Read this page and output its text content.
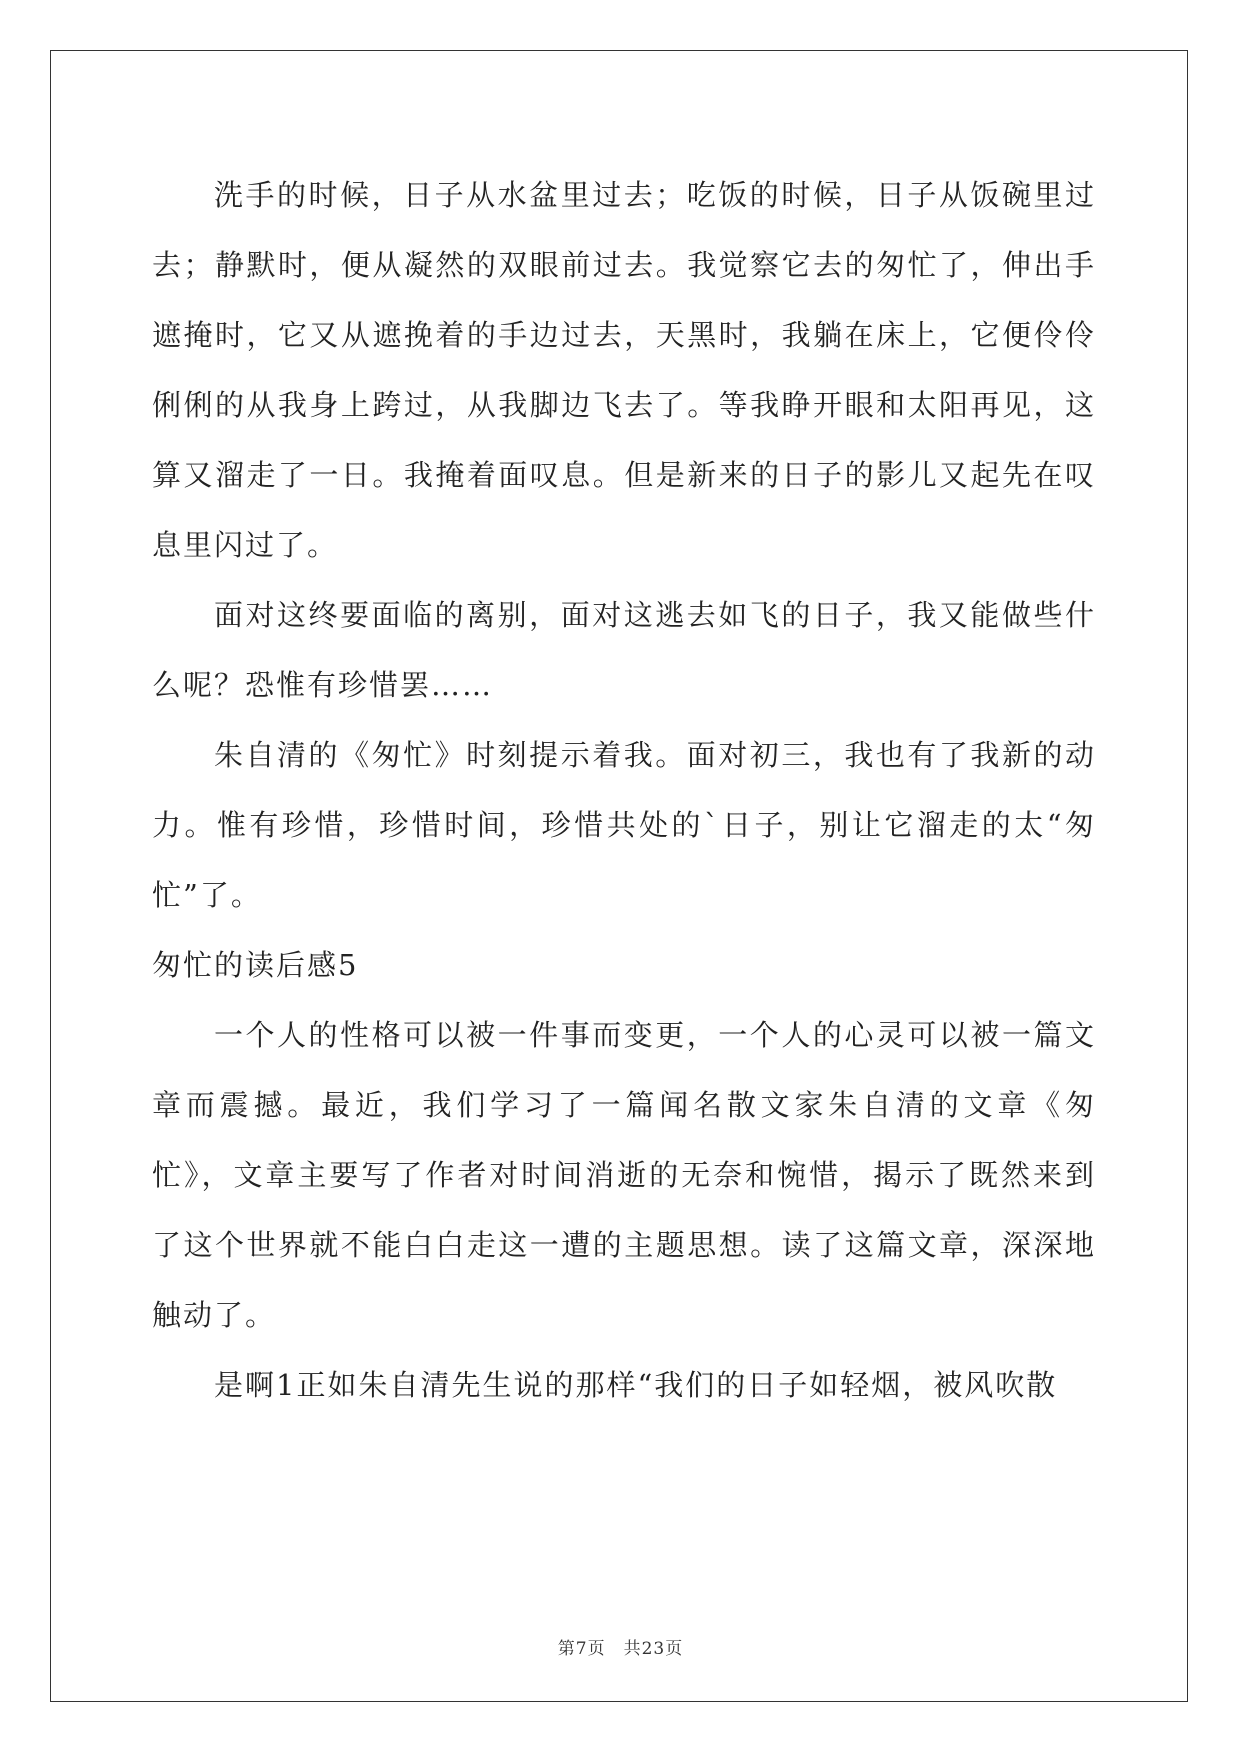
洗手的时候，日子从水盆里过去；吃饭的时候，日子从饭碗里过去；静默时，便从凝然的双眼前过去。我觉察它去的匆忙了，伸出手遮掩时，它又从遮挽着的手边过去，天黑时，我躺在床上，它便伶伶俐俐的从我身上跨过，从我脚边飞去了。等我睁开眼和太阳再见，这算又溜走了一日。我掩着面叹息。但是新来的日子的影儿又起先在叹息里闪过了。

面对这终要面临的离别，面对这逃去如飞的日子，我又能做些什么呢？恐惟有珍惜罢……

朱自清的《匆忙》时刻提示着我。面对初三，我也有了我新的动力。惟有珍惜，珍惜时间，珍惜共处的`日子，别让它溜走的太“匆忙”了。

匆忙的读后感5

一个人的性格可以被一件事而变更，一个人的心灵可以被一篇文章而震撼。最近，我们学习了一篇闻名散文家朱自清的文章《匆忙》，文章主要写了作者对时间消逝的无奈和惋惜，揭示了既然来到了这个世界就不能白白走这一遭的主题思想。读了这篇文章，深深地触动了。

是啊1正如朱自清先生说的那样“我们的日子如轻烟，被风吹散

第7页 共23页
